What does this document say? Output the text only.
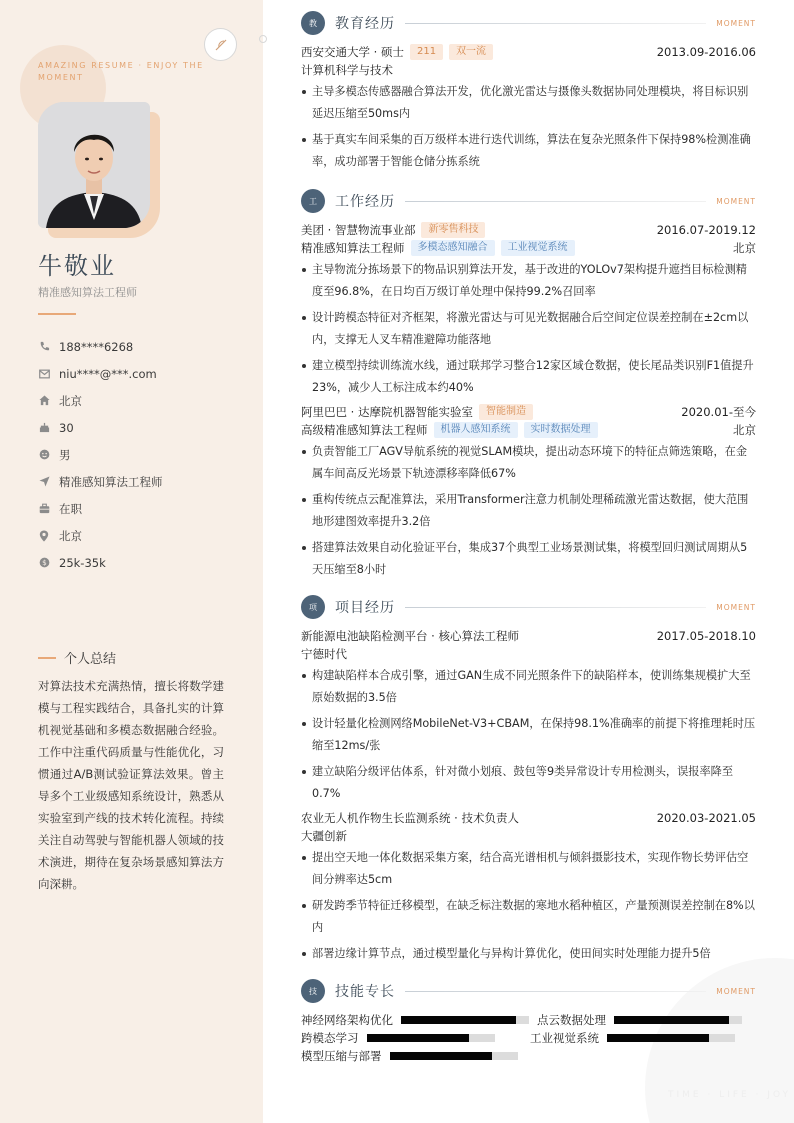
AMAZING RESUME · ENJOY THE MOMENT
牛敬业
精准感知算法工程师
188****6268
niu****@***.com
北京
30
男
精准感知算法工程师
在职
北京
$ 25k-35k
个人总结
对算法技术充满热情，擅长将数学建模与工程实践结合，具备扎实的计算机视觉基础和多模态数据融合经验。工作中注重代码质量与性能优化，习惯通过A/B测试验证算法效果。曾主导多个工业级感知系统设计，熟悉从实验室到产线的技术转化流程。持续关注自动驾驶与智能机器人领域的技术演进，期待在复杂场景感知算法方向深耕。
TIME · LIFE · JOY
教	教育经历	MOMENT
西安交通大学 · 硕士	211	双一流	2013.09-2016.06
计算机科学与技术
主导多模态传感器融合算法开发，优化激光雷达与摄像头数据协同处理模块，将目标识别延迟压缩至50ms内
基于真实车间采集的百万级样本进行迭代训练，算法在复杂光照条件下保持98%检测准确率，成功部署于智能仓储分拣系统
工	工作经历	MOMENT
美团 · 智慧物流事业部	新零售科技	2016.07-2019.12
精准感知算法工程师	多模态感知融合	工业视觉系统	北京
主导物流分拣场景下的物品识别算法开发，基于改进的YOLOv7架构提升遮挡目标检测精度至96.8%，在日均百万级订单处理中保持99.2%召回率
设计跨模态特征对齐框架，将激光雷达与可见光数据融合后空间定位误差控制在±2cm以内，支撑无人叉车精准避障功能落地
建立模型持续训练流水线，通过联邦学习整合12家区域仓数据，使长尾品类识别F1值提升23%，减少人工标注成本约40%
阿里巴巴 · 达摩院机器智能实验室	智能制造	2020.01-至今
高级精准感知算法工程师	机器人感知系统	实时数据处理	北京
负责智能工厂AGV导航系统的视觉SLAM模块，提出动态环境下的特征点筛选策略，在金属车间高反光场景下轨迹漂移率降低67%
重构传统点云配准算法，采用Transformer注意力机制处理稀疏激光雷达数据，使大范围地形建图效率提升3.2倍
搭建算法效果自动化验证平台，集成37个典型工业场景测试集，将模型回归测试周期从5天压缩至8小时
项	项目经历	MOMENT
新能源电池缺陷检测平台 · 核心算法工程师	2017.05-2018.10
宁德时代
构建缺陷样本合成引擎，通过GAN生成不同光照条件下的缺陷样本，使训练集规模扩大至原始数据的3.5倍
设计轻量化检测网络MobileNet-V3+CBAM，在保持98.1%准确率的前提下将推理耗时压缩至12ms/张
建立缺陷分级评估体系，针对微小划痕、鼓包等9类异常设计专用检测头，误报率降至0.7%
农业无人机作物生长监测系统 · 技术负责人	2020.03-2021.05
大疆创新
提出空天地一体化数据采集方案，结合高光谱相机与倾斜摄影技术，实现作物长势评估空间分辨率达5cm
研发跨季节特征迁移模型，在缺乏标注数据的寒地水稻种植区，产量预测误差控制在8%以内
部署边缘计算节点，通过模型量化与异构计算优化，使田间实时处理能力提升5倍
技	技能专长	MOMENT
神经网络架构优化	点云数据处理
跨模态学习	工业视觉系统
模型压缩与部署
